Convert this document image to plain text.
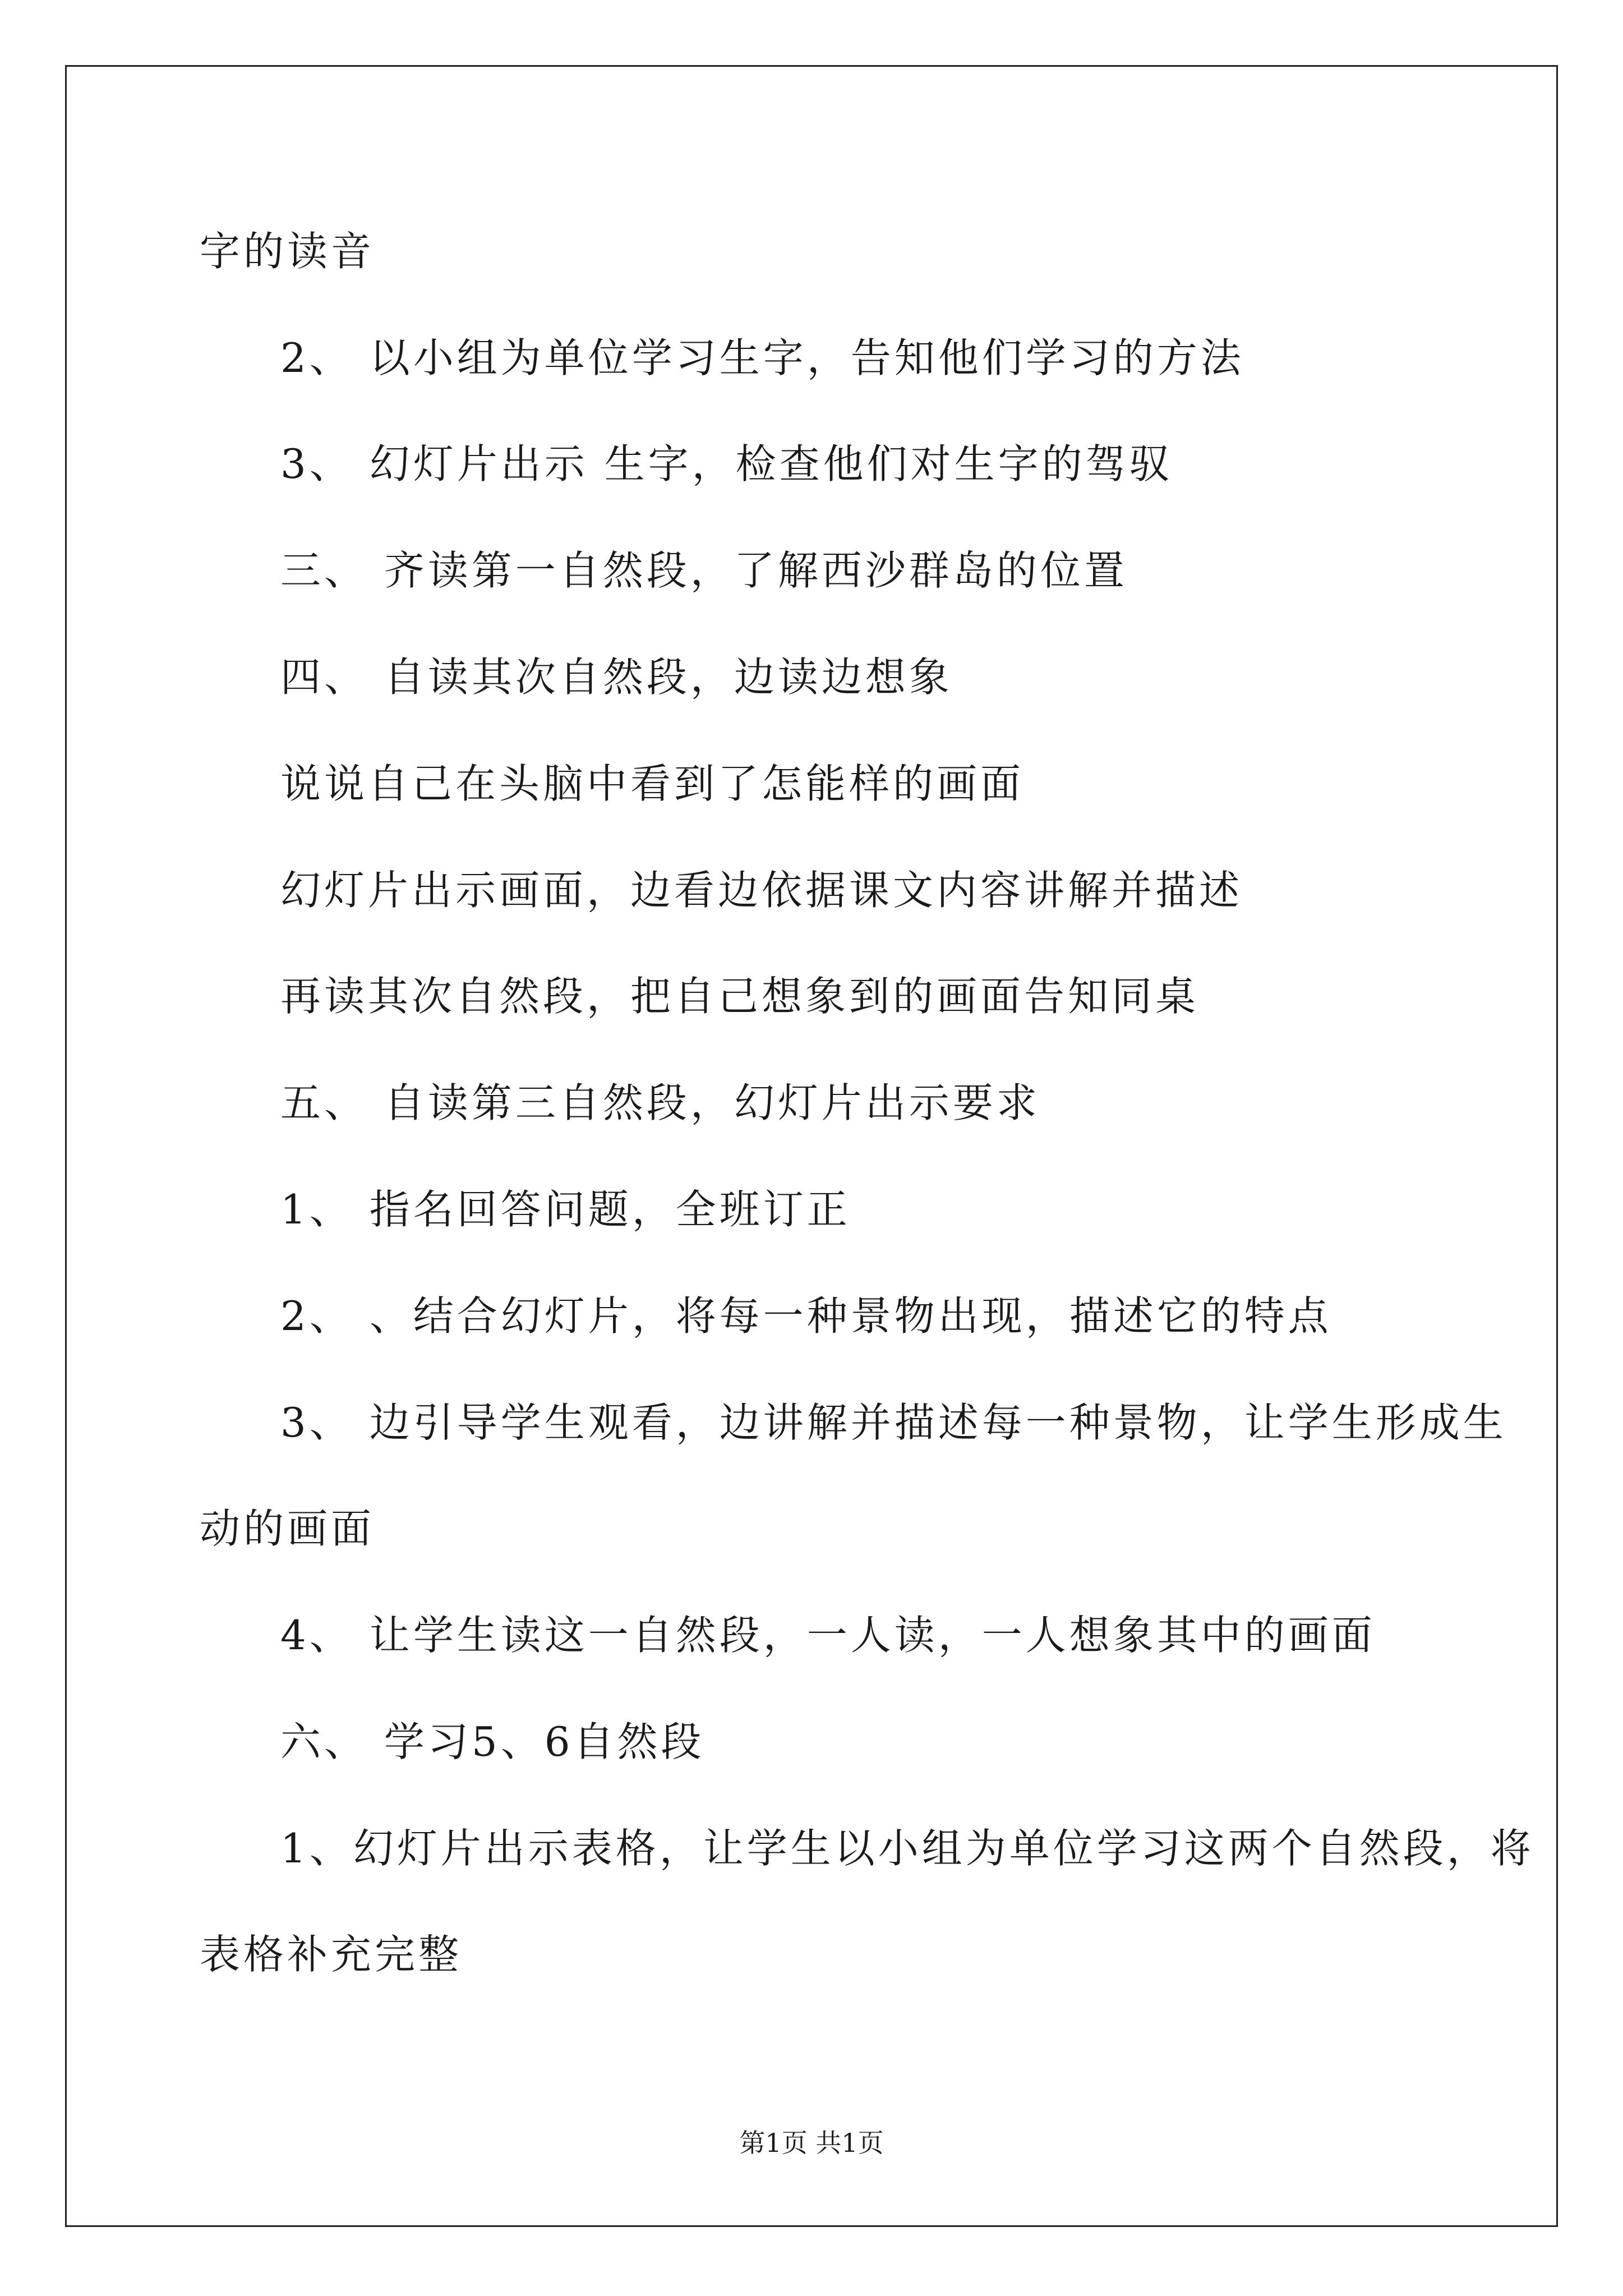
字的读音
2、 以小组为单位学习生字，告知他们学习的方法
3、 幻灯片出示 生字，检查他们对生字的驾驭
三、 齐读第一自然段，了解西沙群岛的位置
四、 自读其次自然段，边读边想象
说说自己在头脑中看到了怎能样的画面
幻灯片出示画面，边看边依据课文内容讲解并描述
再读其次自然段，把自己想象到的画面告知同桌
五、 自读第三自然段，幻灯片出示要求
1、 指名回答问题，全班订正
2、 、结合幻灯片，将每一种景物出现，描述它的特点
3、 边引导学生观看，边讲解并描述每一种景物，让学生形成生
动的画面
4、 让学生读这一自然段，一人读，一人想象其中的画面
六、 学习5、6自然段
1、幻灯片出示表格，让学生以小组为单位学习这两个自然段，将
表格补充完整
第1页 共1页
